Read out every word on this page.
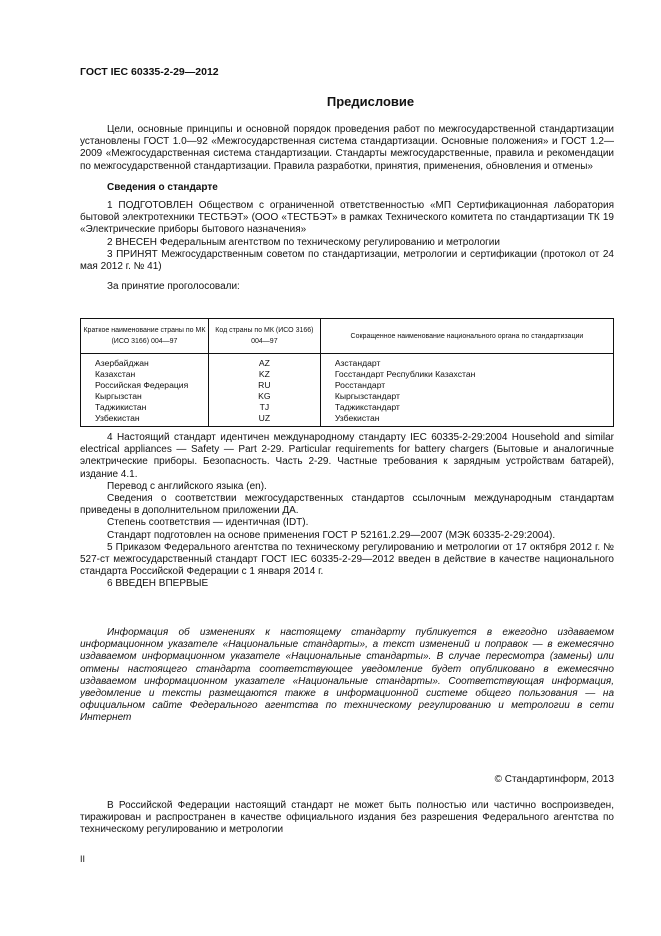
ГОСТ IEC 60335-2-29—2012
Предисловие

Цели, основные принципы и основной порядок проведения работ по межгосударственной стандартизации установлены ГОСТ 1.0—92 «Межгосударственная система стандартизации. Основные положения» и ГОСТ 1.2—2009 «Межгосударственная система стандартизации. Стандарты межгосударственные, правила и рекомендации по межгосударственной стандартизации. Правила разработки, принятия, применения, обновления и отмены»

Сведения о стандарте

1 ПОДГОТОВЛЕН Обществом с ограниченной ответственностью «МП Сертификационная лаборатория бытовой электротехники ТЕСТБЭТ» (ООО «ТЕСТБЭТ» в рамках Технического комитета по стандартизации ТК 19 «Электрические приборы бытового назначения»

2 ВНЕСЕН Федеральным агентством по техническому регулированию и метрологии

3 ПРИНЯТ Межгосударственным советом по стандартизации, метрологии и сертификации (протокол от 24 мая 2012 г. № 41)

За принятие проголосовали:

Краткое наименование страны по МК (ИСО 3166) 004—97	Код страны по МК (ИСО 3166) 004—97	Сокращенное наименование национального органа по стандартизации
Азербайджан	AZ	Азстандарт
Казахстан	KZ	Госстандарт Республики Казахстан
Российская Федерация	RU	Росстандарт
Кыргызстан	KG	Кыргызстандарт
Таджикистан	TJ	Таджикстандарт
Узбекистан	UZ	Узбекистан

4 Настоящий стандарт идентичен международному стандарту IEC 60335-2-29:2004 Household and similar electrical appliances — Safety — Part 2-29. Particular requirements for battery chargers (Бытовые и аналогичные электрические приборы. Безопасность. Часть 2-29. Частные требования к зарядным устройствам батарей), издание 4.1.

Перевод с английского языка (en).

Сведения о соответствии межгосударственных стандартов ссылочным международным стандартам приведены в дополнительном приложении ДА.

Степень соответствия — идентичная (IDT).

Стандарт подготовлен на основе применения ГОСТ Р 52161.2.29—2007 (МЭК 60335-2-29:2004).

5 Приказом Федерального агентства по техническому регулированию и метрологии от 17 октября 2012 г. № 527-ст межгосударственный стандарт ГОСТ IEC 60335-2-29—2012 введен в действие в качестве национального стандарта Российской Федерации с 1 января 2014 г.

6 ВВЕДЕН ВПЕРВЫЕ

Информация об изменениях к настоящему стандарту публикуется в ежегодно издаваемом информационном указателе «Национальные стандарты», а текст изменений и поправок — в ежемесячно издаваемом информационном указателе «Национальные стандарты». В случае пересмотра (замены) или отмены настоящего стандарта соответствующее уведомление будет опубликовано в ежемесячно издаваемом информационном указателе «Национальные стандарты». Соответствующая информация, уведомление и тексты размещаются также в информационной системе общего пользования — на официальном сайте Федерального агентства по техническому регулированию и метрологии в сети Интернет

© Стандартинформ, 2013

В Российской Федерации настоящий стандарт не может быть полностью или частично воспроизведен, тиражирован и распространен в качестве официального издания без разрешения Федерального агентства по техническому регулированию и метрологии

II
